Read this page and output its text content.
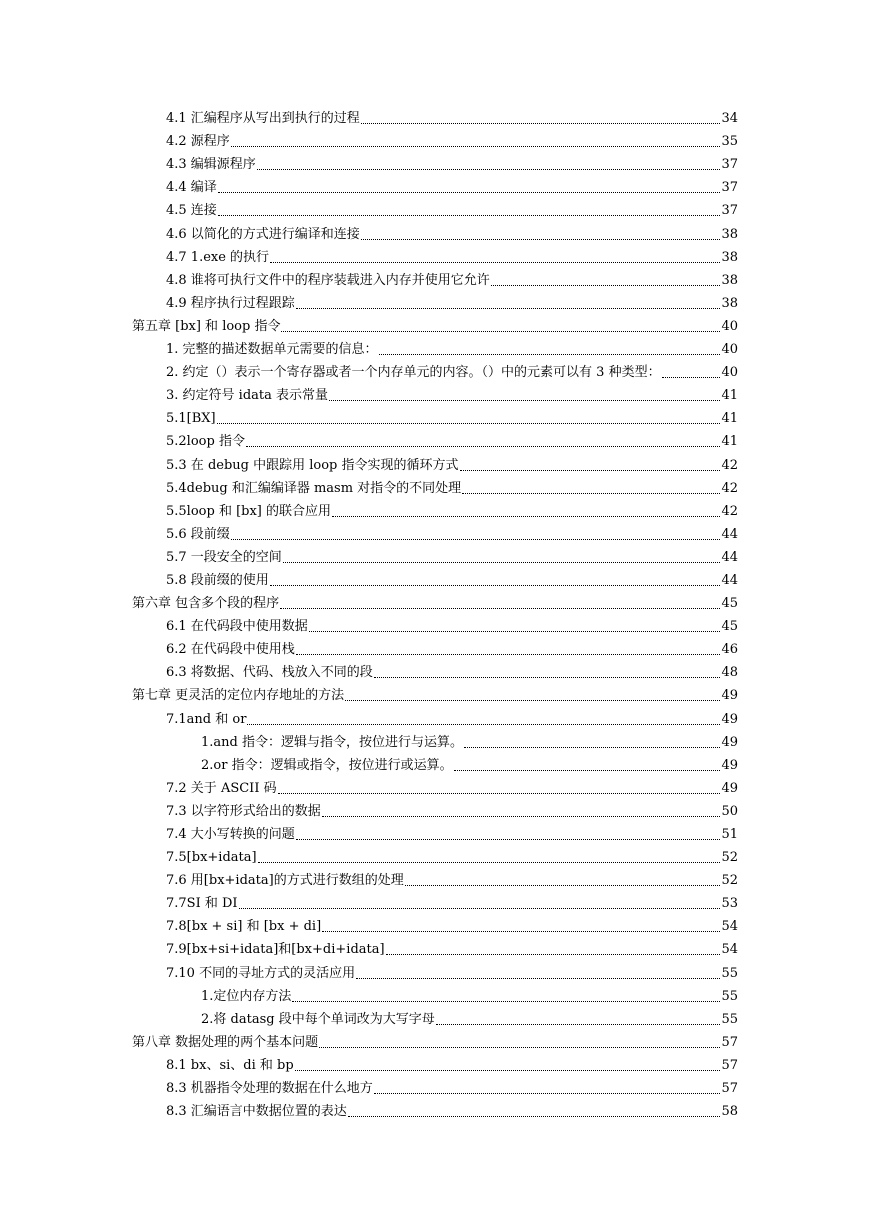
4.1 汇编程序从写出到执行的过程	34
4.2 源程序	35
4.3 编辑源程序	37
4.4 编译	37
4.5 连接	37
4.6 以简化的方式进行编译和连接	38
4.7 1.exe 的执行	38
4.8 谁将可执行文件中的程序装载进入内存并使用它允许	38
4.9 程序执行过程跟踪	38
第五章 [bx] 和 loop 指令	40
1. 完整的描述数据单元需要的信息：	40
2. 约定（）表示一个寄存器或者一个内存单元的内容。（）中的元素可以有 3 种类型：	40
3. 约定符号 idata 表示常量	41
5.1[BX]	41
5.2loop 指令	41
5.3 在 debug 中跟踪用 loop 指令实现的循环方式	42
5.4debug 和汇编编译器 masm 对指令的不同处理	42
5.5loop 和 [bx] 的联合应用	42
5.6 段前缀	44
5.7 一段安全的空间	44
5.8 段前缀的使用	44
第六章 包含多个段的程序	45
6.1 在代码段中使用数据	45
6.2 在代码段中使用栈	46
6.3 将数据、代码、栈放入不同的段	48
第七章 更灵活的定位内存地址的方法	49
7.1and 和 or	49
1.and 指令：逻辑与指令，按位进行与运算。	49
2.or 指令：逻辑或指令，按位进行或运算。	49
7.2 关于 ASCII 码	49
7.3 以字符形式给出的数据	50
7.4 大小写转换的问题	51
7.5[bx+idata]	52
7.6 用[bx+idata]的方式进行数组的处理	52
7.7SI 和 DI	53
7.8[bx + si] 和 [bx + di]	54
7.9[bx+si+idata]和[bx+di+idata]	54
7.10 不同的寻址方式的灵活应用	55
1.定位内存方法	55
2.将 datasg 段中每个单词改为大写字母	55
第八章 数据处理的两个基本问题	57
8.1 bx、si、di 和 bp	57
8.3 机器指令处理的数据在什么地方	57
8.3 汇编语言中数据位置的表达	58
